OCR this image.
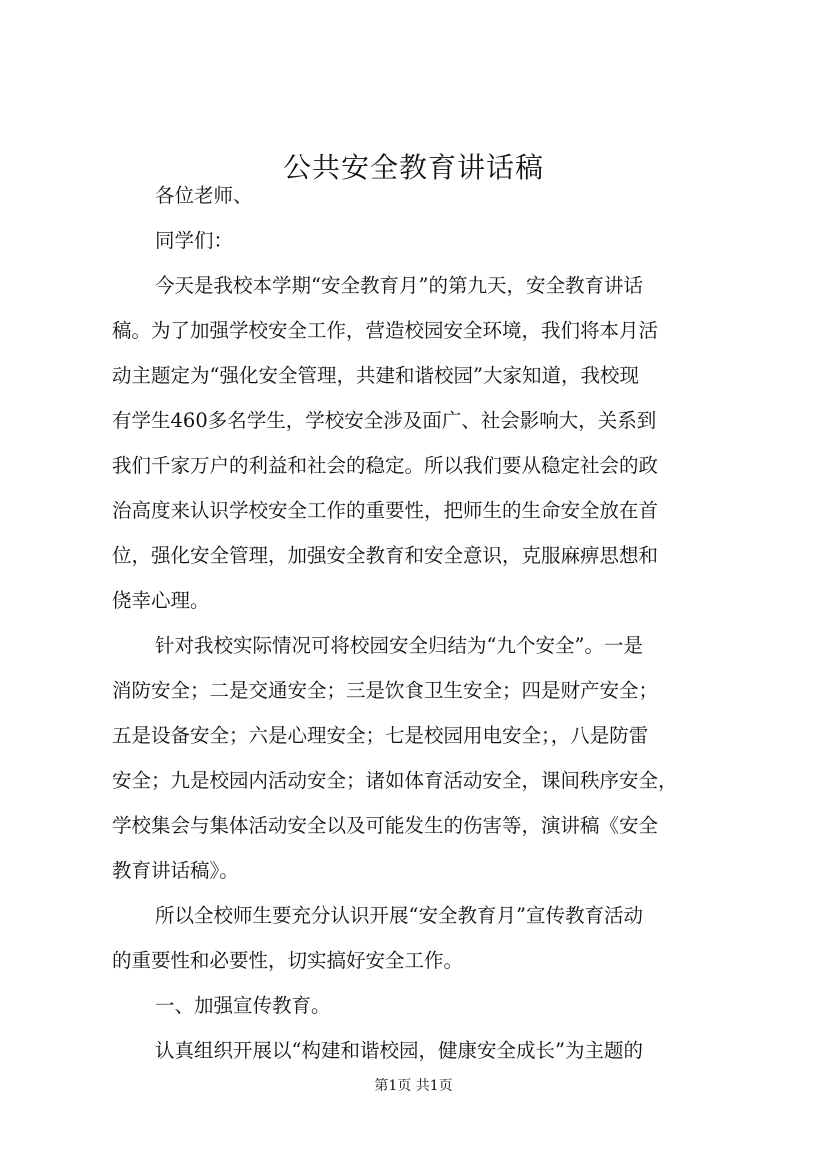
公共安全教育讲话稿
各位老师、
同学们：
今天是我校本学期“安全教育月”的第九天，安全教育讲话
稿。为了加强学校安全工作，营造校园安全环境，我们将本月活
动主题定为“强化安全管理，共建和谐校园”大家知道，我校现
有学生460多名学生，学校安全涉及面广、社会影响大，关系到
我们千家万户的利益和社会的稳定。所以我们要从稳定社会的政
治高度来认识学校安全工作的重要性，把师生的生命安全放在首
位，强化安全管理，加强安全教育和安全意识，克服麻痹思想和
侥幸心理。
针对我校实际情况可将校园安全归结为“九个安全”。一是
消防安全；二是交通安全；三是饮食卫生安全；四是财产安全；
五是设备安全；六是心理安全；七是校园用电安全；，八是防雷
安全；九是校园内活动安全；诸如体育活动安全，课间秩序安全，
学校集会与集体活动安全以及可能发生的伤害等，演讲稿《安全
教育讲话稿》。
所以全校师生要充分认识开展“安全教育月”宣传教育活动
的重要性和必要性，切实搞好安全工作。
一、加强宣传教育。
认真组织开展以“构建和谐校园，健康安全成长”为主题的
第1页 共1页
